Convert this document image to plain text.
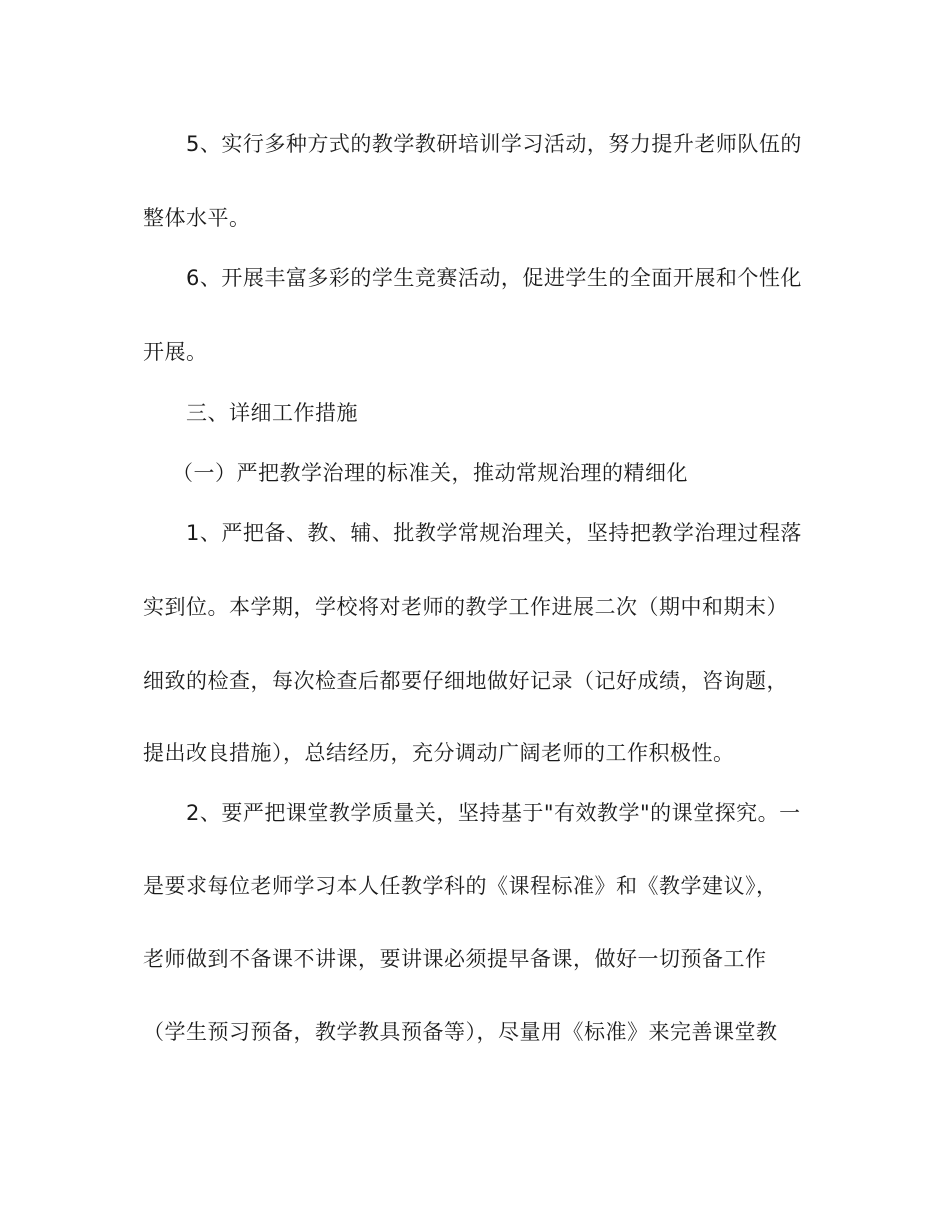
5、实行多种方式的教学教研培训学习活动，努力提升老师队伍的
整体水平。
6、开展丰富多彩的学生竞赛活动，促进学生的全面开展和个性化
开展。
三、详细工作措施
（一）严把教学治理的标准关，推动常规治理的精细化
1、严把备、教、辅、批教学常规治理关，坚持把教学治理过程落
实到位。本学期，学校将对老师的教学工作进展二次（期中和期末）
细致的检查，每次检查后都要仔细地做好记录（记好成绩，咨询题，
提出改良措施），总结经历，充分调动广阔老师的工作积极性。
2、要严把课堂教学质量关，坚持基于"有效教学"的课堂探究。一
是要求每位老师学习本人任教学科的《课程标准》和《教学建议》，
老师做到不备课不讲课，要讲课必须提早备课，做好一切预备工作
（学生预习预备，教学教具预备等），尽量用《标准》来完善课堂教
